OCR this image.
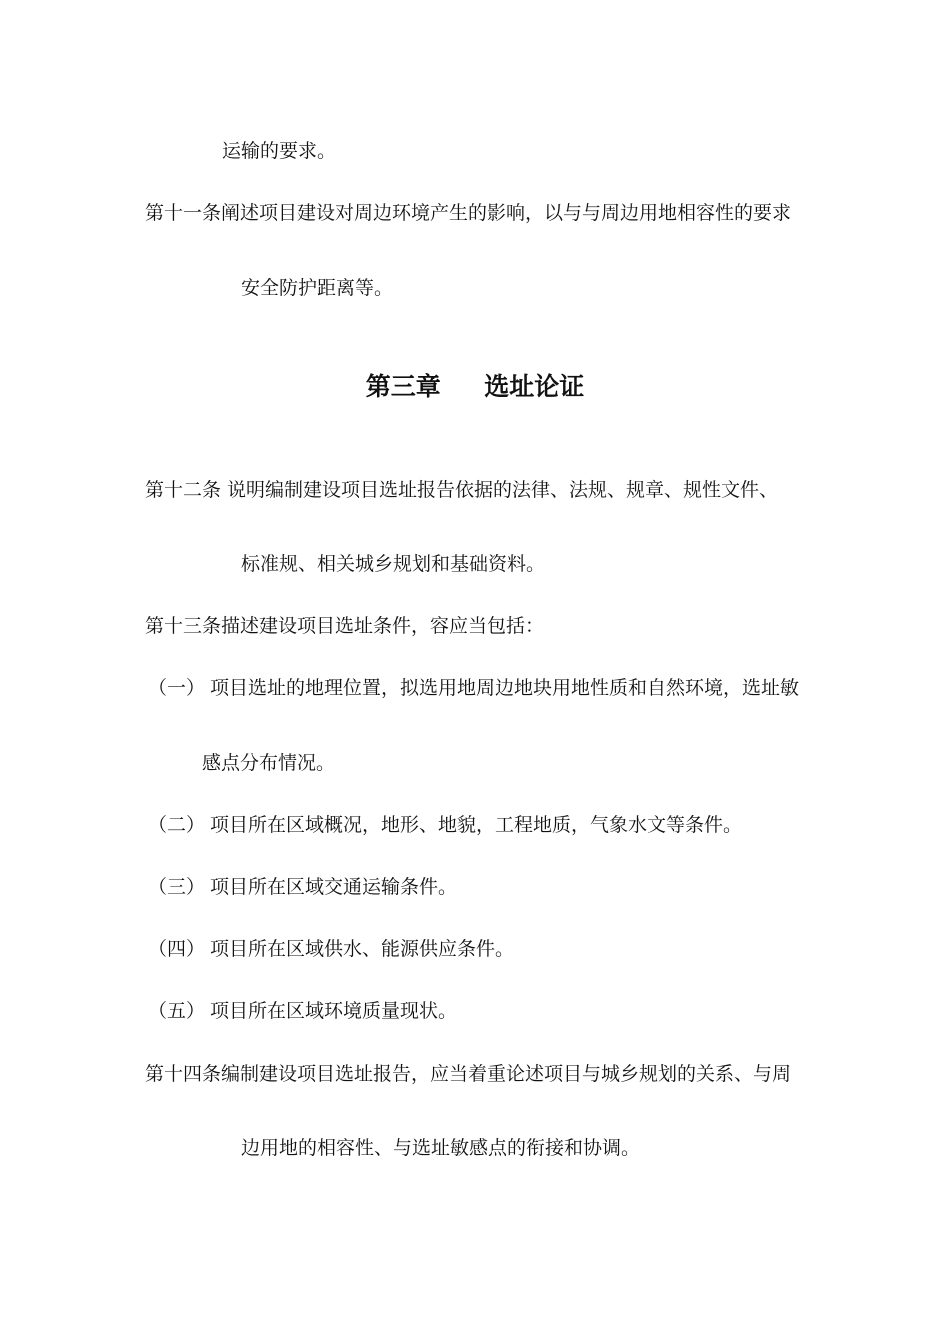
运输的要求。
第十一条阐述项目建设对周边环境产生的影响，以与与周边用地相容性的要求
安全防护距离等。
第三章     选址论证
第十二条 说明编制建设项目选址报告依据的法律、法规、规章、规性文件、
标准规、相关城乡规划和基础资料。
第十三条描述建设项目选址条件，容应当包括：
（一） 项目选址的地理位置，拟选用地周边地块用地性质和自然环境，选址敏
感点分布情况。
（二） 项目所在区域概况，地形、地貌，工程地质，气象水文等条件。
（三） 项目所在区域交通运输条件。
（四） 项目所在区域供水、能源供应条件。
（五） 项目所在区域环境质量现状。
第十四条编制建设项目选址报告，应当着重论述项目与城乡规划的关系、与周
边用地的相容性、与选址敏感点的衔接和协调。
